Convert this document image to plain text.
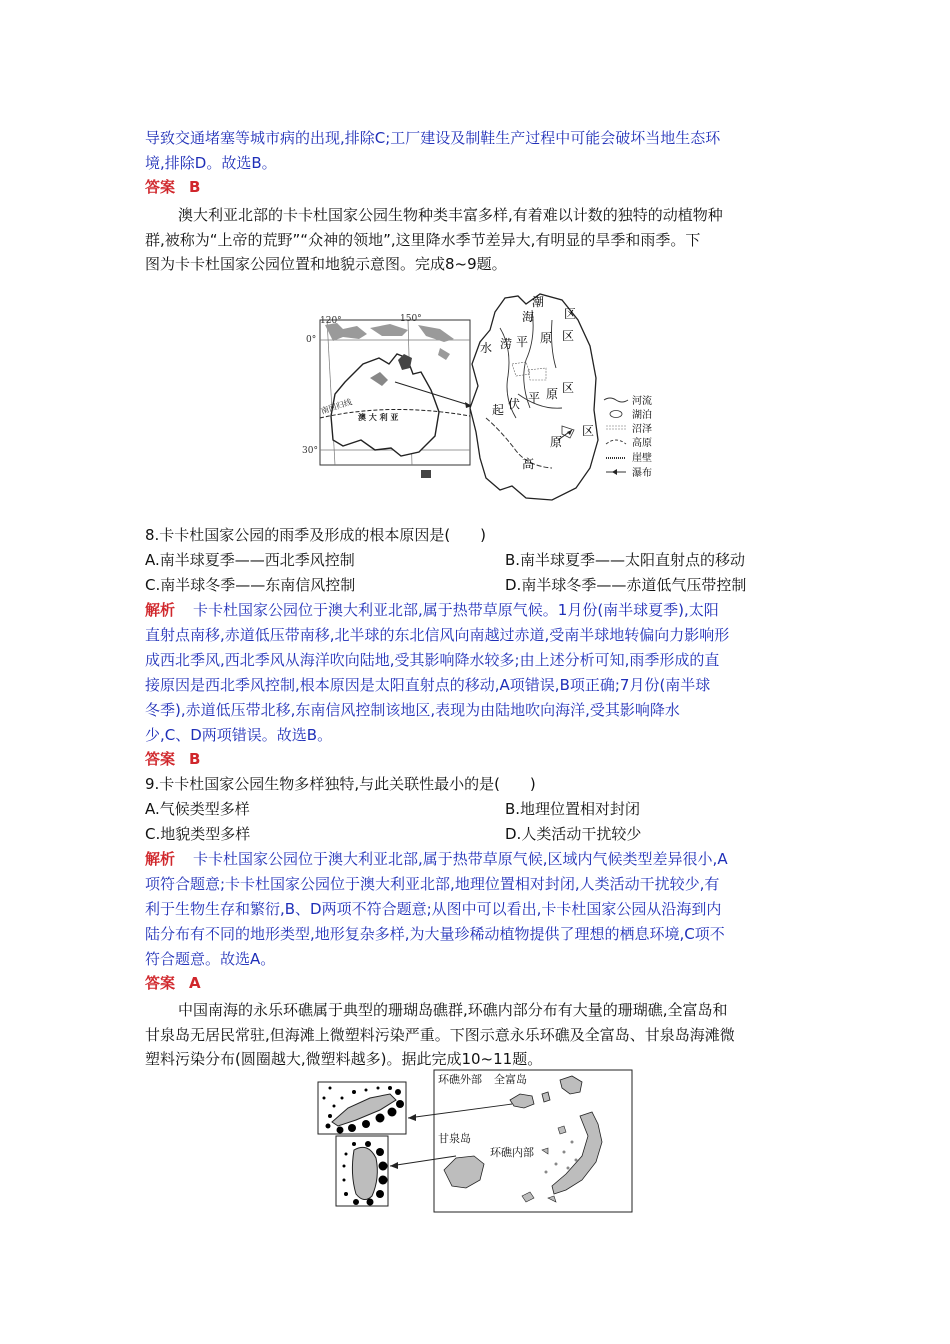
导致交通堵塞等城市病的出现,排除C;工厂建设及制鞋生产过程中可能会破坏当地生态环
境,排除D。故选B。
答案 B
澳大利亚北部的卡卡杜国家公园生物种类丰富多样,有着难以计数的独特的动植物种
群,被称为“上帝的荒野”“众神的领地”,这里降水季节差异大,有明显的旱季和雨季。下
图为卡卡杜国家公园位置和地貌示意图。完成8~9题。
120°	150°
0°
30°
南回归线
澳 大 利 亚
海
潮
区
平 原 区
水 涝
起 伏 平 原 区
原
区
高
河流
湖泊
沼泽
高原
崖壁
瀑布
8.卡卡杜国家公园的雨季及形成的根本原因是(　　)
A.南半球夏季——西北季风控制	B.南半球夏季——太阳直射点的移动
C.南半球冬季——东南信风控制	D.南半球冬季——赤道低气压带控制
解析 卡卡杜国家公园位于澳大利亚北部,属于热带草原气候。1月份(南半球夏季),太阳
直射点南移,赤道低压带南移,北半球的东北信风向南越过赤道,受南半球地转偏向力影响形
成西北季风,西北季风从海洋吹向陆地,受其影响降水较多;由上述分析可知,雨季形成的直
接原因是西北季风控制,根本原因是太阳直射点的移动,A项错误,B项正确;7月份(南半球
冬季),赤道低压带北移,东南信风控制该地区,表现为由陆地吹向海洋,受其影响降水
少,C、D两项错误。故选B。
答案 B
9.卡卡杜国家公园生物多样独特,与此关联性最小的是(　　)
A.气候类型多样	B.地理位置相对封闭
C.地貌类型多样	D.人类活动干扰较少
解析 卡卡杜国家公园位于澳大利亚北部,属于热带草原气候,区域内气候类型差异很小,A
项符合题意;卡卡杜国家公园位于澳大利亚北部,地理位置相对封闭,人类活动干扰较少,有
利于生物生存和繁衍,B、D两项不符合题意;从图中可以看出,卡卡杜国家公园从沿海到内
陆分布有不同的地形类型,地形复杂多样,为大量珍稀动植物提供了理想的栖息环境,C项不
符合题意。故选A。
答案 A
中国南海的永乐环礁属于典型的珊瑚岛礁群,环礁内部分布有大量的珊瑚礁,全富岛和
甘泉岛无居民常驻,但海滩上微塑料污染严重。下图示意永乐环礁及全富岛、甘泉岛海滩微
塑料污染分布(圆圈越大,微塑料越多)。据此完成10~11题。
环礁外部 全富岛
甘泉岛
环礁内部
